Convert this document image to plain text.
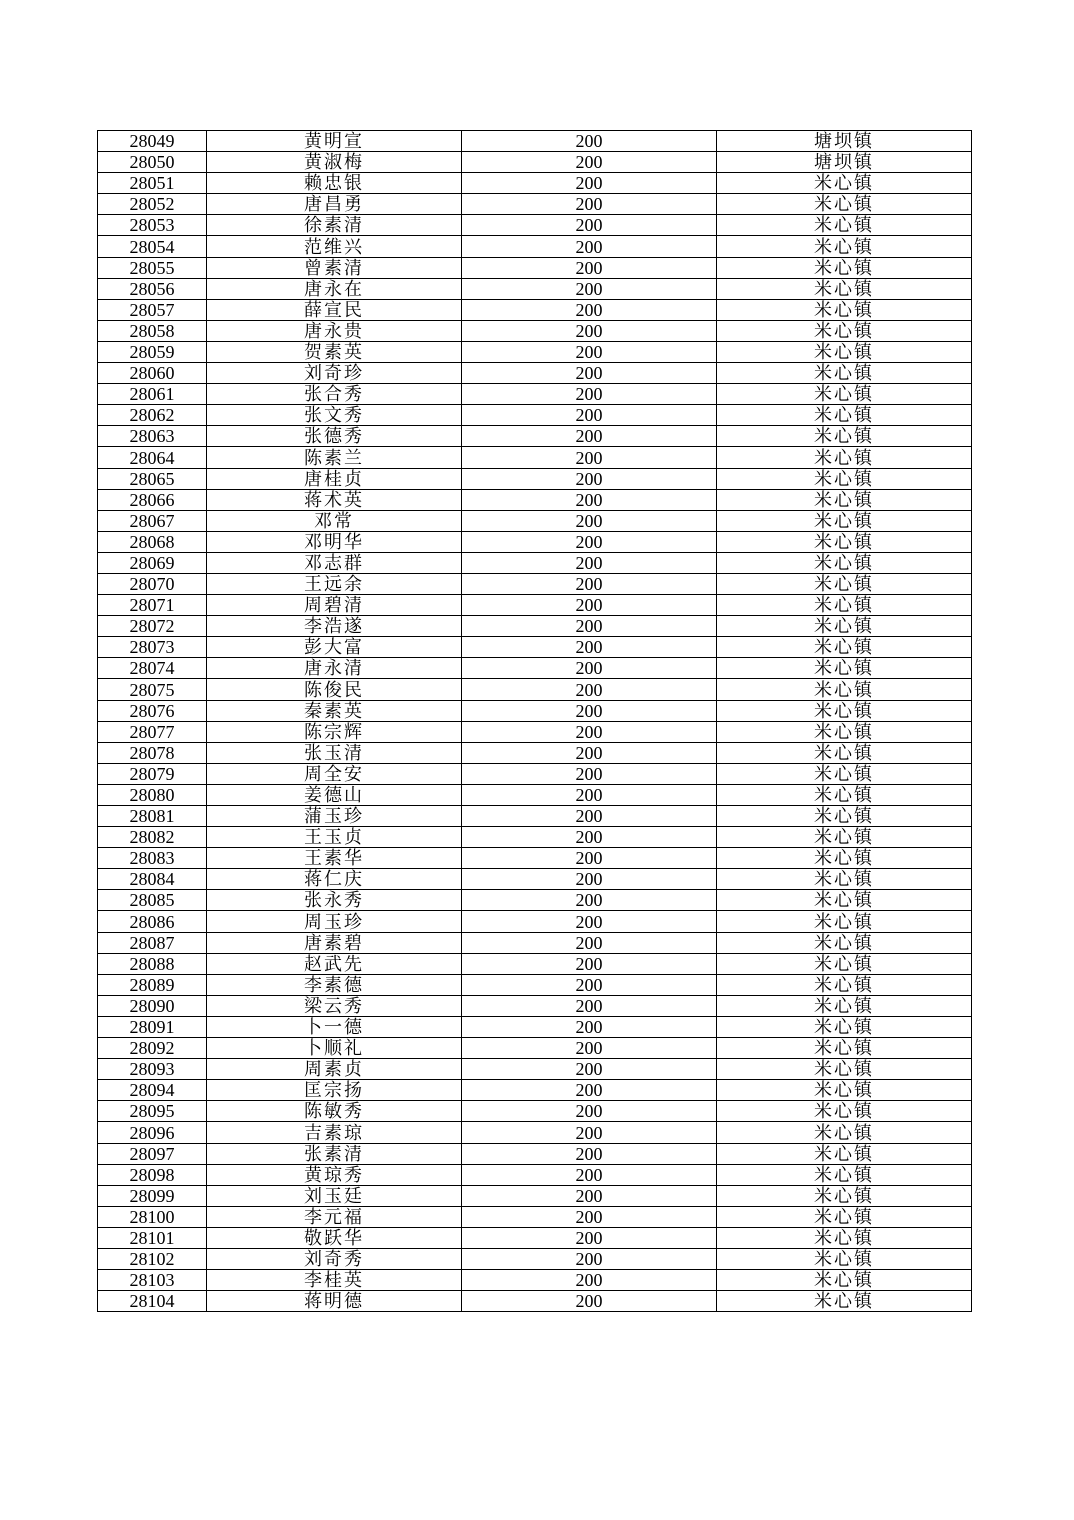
28049	黄明宣	200	塘坝镇
28050	黄淑梅	200	塘坝镇
28051	赖忠银	200	米心镇
28052	唐昌勇	200	米心镇
28053	徐素清	200	米心镇
28054	范维兴	200	米心镇
28055	曾素清	200	米心镇
28056	唐永在	200	米心镇
28057	薛宣民	200	米心镇
28058	唐永贵	200	米心镇
28059	贺素英	200	米心镇
28060	刘奇珍	200	米心镇
28061	张合秀	200	米心镇
28062	张文秀	200	米心镇
28063	张德秀	200	米心镇
28064	陈素兰	200	米心镇
28065	唐桂贞	200	米心镇
28066	蒋术英	200	米心镇
28067	邓常	200	米心镇
28068	邓明华	200	米心镇
28069	邓志群	200	米心镇
28070	王远余	200	米心镇
28071	周碧清	200	米心镇
28072	李浩遂	200	米心镇
28073	彭大富	200	米心镇
28074	唐永清	200	米心镇
28075	陈俊民	200	米心镇
28076	秦素英	200	米心镇
28077	陈宗辉	200	米心镇
28078	张玉清	200	米心镇
28079	周全安	200	米心镇
28080	姜德山	200	米心镇
28081	蒲玉珍	200	米心镇
28082	王玉贞	200	米心镇
28083	王素华	200	米心镇
28084	蒋仁庆	200	米心镇
28085	张永秀	200	米心镇
28086	周玉珍	200	米心镇
28087	唐素碧	200	米心镇
28088	赵武先	200	米心镇
28089	李素德	200	米心镇
28090	梁云秀	200	米心镇
28091	卜一德	200	米心镇
28092	卜顺礼	200	米心镇
28093	周素贞	200	米心镇
28094	匡宗扬	200	米心镇
28095	陈敏秀	200	米心镇
28096	吉素琼	200	米心镇
28097	张素清	200	米心镇
28098	黄琼秀	200	米心镇
28099	刘玉廷	200	米心镇
28100	李元福	200	米心镇
28101	敬跃华	200	米心镇
28102	刘奇秀	200	米心镇
28103	李桂英	200	米心镇
28104	蒋明德	200	米心镇
